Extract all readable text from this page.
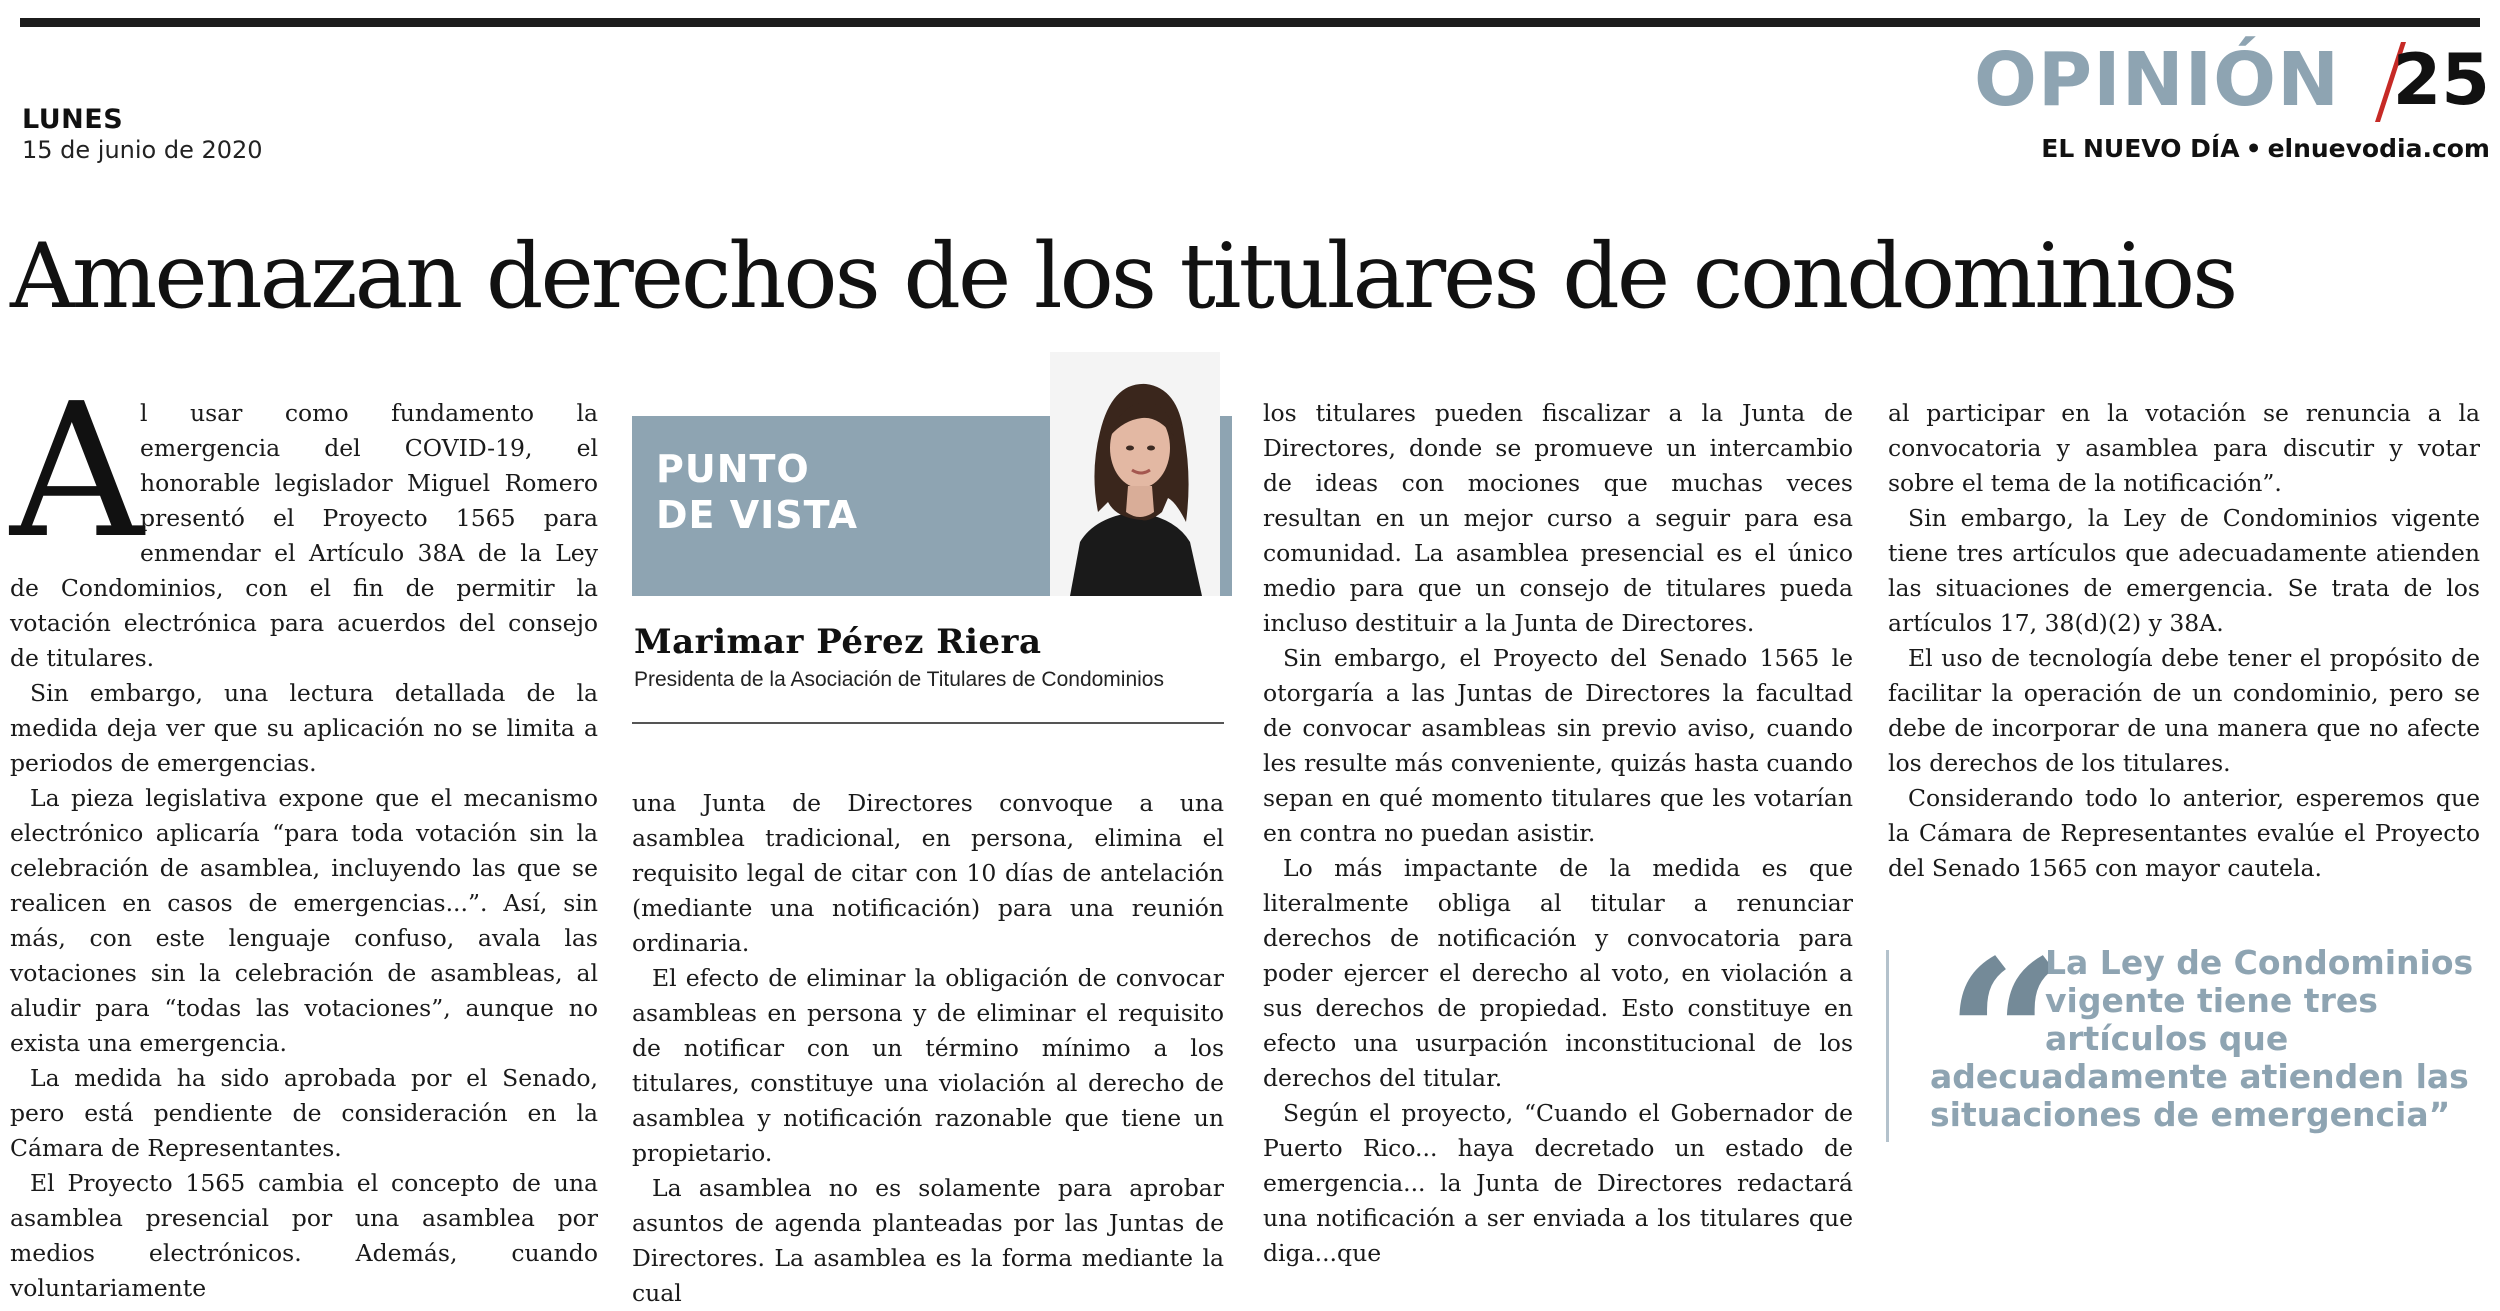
LUNES
15 de junio de 2020
OPINIÓN 25
EL NUEVO DÍA • elnuevodia.com
Amenazan derechos de los titulares de condominios
A

l usar como fundamento la emergencia del COVID-19, el honorable legislador Miguel Romero presentó el Proyecto 1565 para enmendar el Artículo 38A de la Ley de Condominios, con el fin de permitir la votación electrónica para acuerdos del consejo de titulares.

Sin embargo, una lectura detallada de la medida deja ver que su aplicación no se limita a periodos de emergencias.

La pieza legislativa expone que el mecanismo electrónico aplicaría “para toda votación sin la celebración de asamblea, incluyendo las que se realicen en casos de emergencias...”. Así, sin más, con este lenguaje confuso, avala las votaciones sin la celebración de asambleas, al aludir para “todas las votaciones”, aunque no exista una emergencia.

La medida ha sido aprobada por el Senado, pero está pendiente de consideración en la Cámara de Representantes.

El Proyecto 1565 cambia el concepto de una asamblea presencial por una asamblea por medios electrónicos. Además, cuando voluntariamente

PUNTO
DE VISTA
Marimar Pérez Riera
Presidenta de la Asociación de Titulares de Condominios

una Junta de Directores convoque a una asamblea tradicional, en persona, elimina el requisito legal de citar con 10 días de antelación (mediante una notificación) para una reunión ordinaria.

El efecto de eliminar la obligación de convocar asambleas en persona y de eliminar el requisito de notificar con un término mínimo a los titulares, constituye una violación al derecho de asamblea y notificación razonable que tiene un propietario.

La asamblea no es solamente para aprobar asuntos de agenda planteadas por las Juntas de Directores. La asamblea es la forma mediante la cual

los titulares pueden fiscalizar a la Junta de Directores, donde se promueve un intercambio de ideas con mociones que muchas veces resultan en un mejor curso a seguir para esa comunidad. La asamblea presencial es el único medio para que un consejo de titulares pueda incluso destituir a la Junta de Directores.

Sin embargo, el Proyecto del Senado 1565 le otorgaría a las Juntas de Directores la facultad de convocar asambleas sin previo aviso, cuando les resulte más conveniente, quizás hasta cuando sepan en qué momento titulares que les votarían en contra no puedan asistir.

Lo más impactante de la medida es que literalmente obliga al titular a renunciar derechos de notificación y convocatoria para poder ejercer el derecho al voto, en violación a sus derechos de propiedad. Esto constituye en efecto una usurpación inconstitucional de los derechos del titular.

Según el proyecto, “Cuando el Gobernador de Puerto Rico... haya decretado un estado de emergencia... la Junta de Directores redactará una notificación a ser enviada a los titulares que diga...que

al participar en la votación se renuncia a la convocatoria y asamblea para discutir y votar sobre el tema de la notificación”.

Sin embargo, la Ley de Condominios vigente tiene tres artículos que adecuadamente atienden las situaciones de emergencia. Se trata de los artículos 17, 38(d)(2) y 38A.

El uso de tecnología debe tener el propósito de facilitar la operación de un condominio, pero se debe de incorporar de una manera que no afecte los derechos de los titulares.

Considerando todo lo anterior, esperemos que la Cámara de Representantes evalúe el Proyecto del Senado 1565 con mayor cautela.

“
La Ley de Condominios vigente tiene tres artículos que adecuadamente atienden las situaciones de emergencia”
